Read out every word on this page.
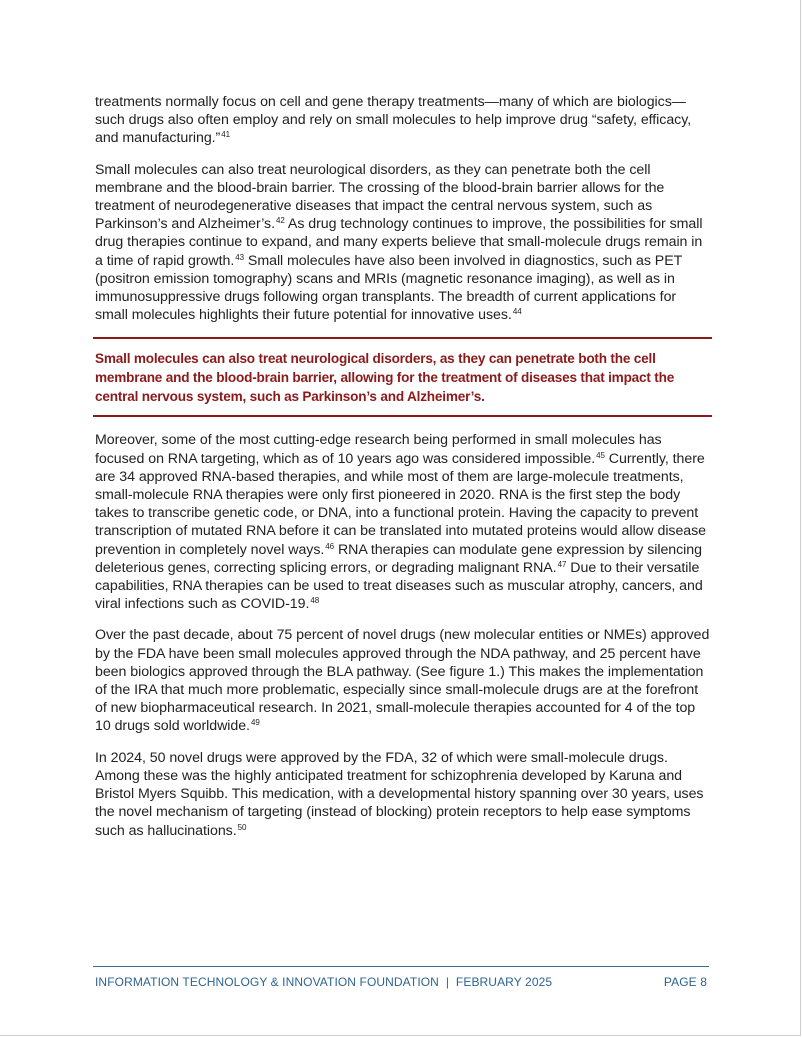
treatments normally focus on cell and gene therapy treatments—many of which are biologics—such drugs also often employ and rely on small molecules to help improve drug “safety, efficacy, and manufacturing.”$^{41}$

Small molecules can also treat neurological disorders, as they can penetrate both the cell membrane and the blood-brain barrier. The crossing of the blood-brain barrier allows for the treatment of neurodegenerative diseases that impact the central nervous system, such as Parkinson’s and Alzheimer’s.$^{42}$ As drug technology continues to improve, the possibilities for small drug therapies continue to expand, and many experts believe that small-molecule drugs remain in a time of rapid growth.$^{43}$ Small molecules have also been involved in diagnostics, such as PET (positron emission tomography) scans and MRIs (magnetic resonance imaging), as well as in immunosuppressive drugs following organ transplants. The breadth of current applications for small molecules highlights their future potential for innovative uses.$^{44}$

Small molecules can also treat neurological disorders, as they can penetrate both the cell membrane and the blood-brain barrier, allowing for the treatment of diseases that impact the central nervous system, such as Parkinson’s and Alzheimer’s.

Moreover, some of the most cutting-edge research being performed in small molecules has focused on RNA targeting, which as of 10 years ago was considered impossible.$^{45}$ Currently, there are 34 approved RNA-based therapies, and while most of them are large-molecule treatments, small-molecule RNA therapies were only first pioneered in 2020. RNA is the first step the body takes to transcribe genetic code, or DNA, into a functional protein. Having the capacity to prevent transcription of mutated RNA before it can be translated into mutated proteins would allow disease prevention in completely novel ways.$^{46}$ RNA therapies can modulate gene expression by silencing deleterious genes, correcting splicing errors, or degrading malignant RNA.$^{47}$ Due to their versatile capabilities, RNA therapies can be used to treat diseases such as muscular atrophy, cancers, and viral infections such as COVID-19.48

Over the past decade, about 75 percent of novel drugs (new molecular entities or NMEs) approved by the FDA have been small molecules approved through the NDA pathway, and 25 percent have been biologics approved through the BLA pathway. (See figure 1.) This makes the implementation of the IRA that much more problematic, especially since small-molecule drugs are at the forefront of new biopharmaceutical research. In 2021, small-molecule therapies accounted for 4 of the top 10 drugs sold worldwide.$^{49}$

In 2024, 50 novel drugs were approved by the FDA, 32 of which were small-molecule drugs. Among these was the highly anticipated treatment for schizophrenia developed by Karuna and Bristol Myers Squibb. This medication, with a developmental history spanning over 30 years, uses the novel mechanism of targeting (instead of blocking) protein receptors to help ease symptoms such as hallucinations.$^{50}$

INFORMATION TECHNOLOGY & INNOVATION FOUNDATION  |  FEBRUARY 2025	PAGE 8
